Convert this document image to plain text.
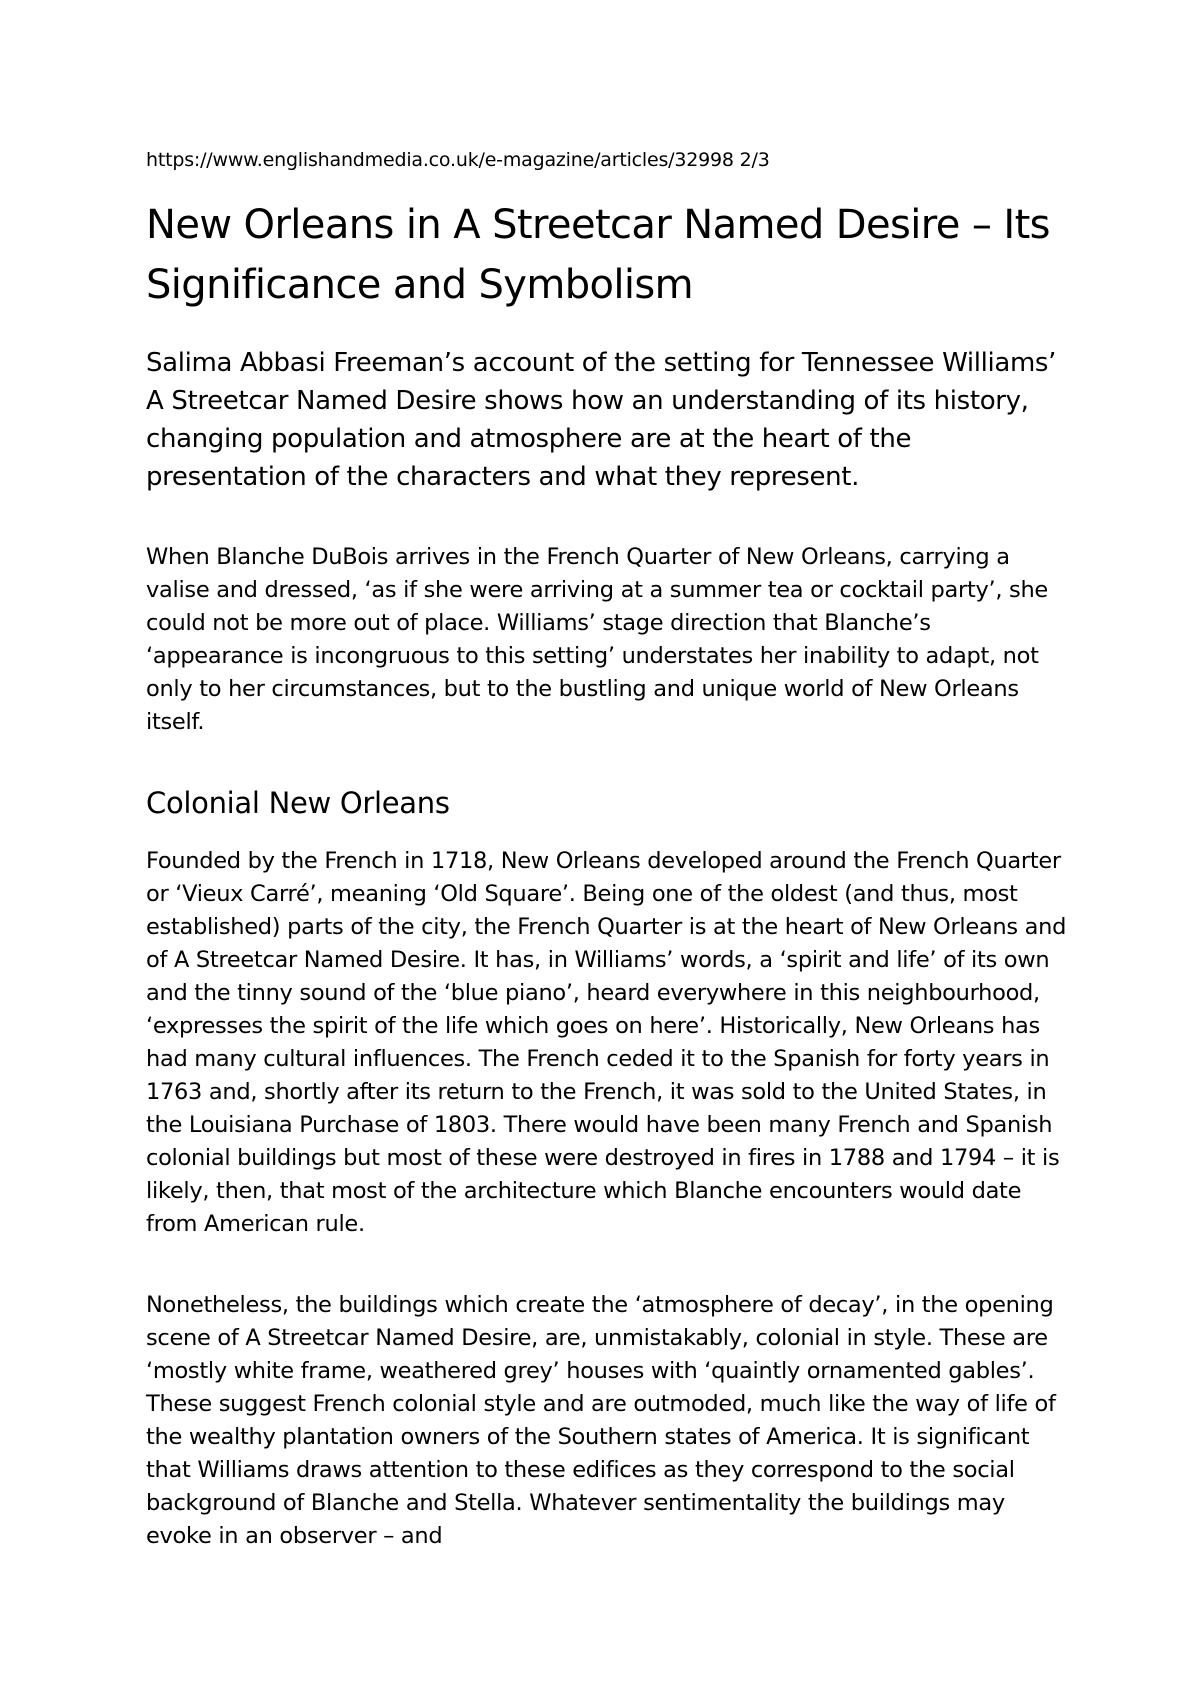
https://www.englishandmedia.co.uk/e-magazine/articles/32998 2/3
New Orleans in A Streetcar Named Desire – Its Significance and Symbolism

Salima Abbasi Freeman’s account of the setting for Tennessee Williams’ A Streetcar Named Desire shows how an understanding of its history, changing population and atmosphere are at the heart of the presentation of the characters and what they represent.

When Blanche DuBois arrives in the French Quarter of New Orleans, carrying a valise and dressed, ‘as if she were arriving at a summer tea or cocktail party’, she could not be more out of place. Williams’ stage direction that Blanche’s ‘appearance is incongruous to this setting’ understates her inability to adapt, not only to her circumstances, but to the bustling and unique world of New Orleans itself.

Colonial New Orleans

Founded by the French in 1718, New Orleans developed around the French Quarter or ‘Vieux Carré’, meaning ‘Old Square’. Being one of the oldest (and thus, most established) parts of the city, the French Quarter is at the heart of New Orleans and of A Streetcar Named Desire. It has, in Williams’ words, a ‘spirit and life’ of its own and the tinny sound of the ‘blue piano’, heard everywhere in this neighbourhood, ‘expresses the spirit of the life which goes on here’. Historically, New Orleans has had many cultural influences. The French ceded it to the Spanish for forty years in 1763 and, shortly after its return to the French, it was sold to the United States, in the Louisiana Purchase of 1803. There would have been many French and Spanish colonial buildings but most of these were destroyed in fires in 1788 and 1794 – it is likely, then, that most of the architecture which Blanche encounters would date from American rule.

Nonetheless, the buildings which create the ‘atmosphere of decay’, in the opening scene of A Streetcar Named Desire, are, unmistakably, colonial in style. These are ‘mostly white frame, weathered grey’ houses with ‘quaintly ornamented gables’. These suggest French colonial style and are outmoded, much like the way of life of the wealthy plantation owners of the Southern states of America. It is significant that Williams draws attention to these edifices as they correspond to the social background of Blanche and Stella. Whatever sentimentality the buildings may evoke in an observer – and
